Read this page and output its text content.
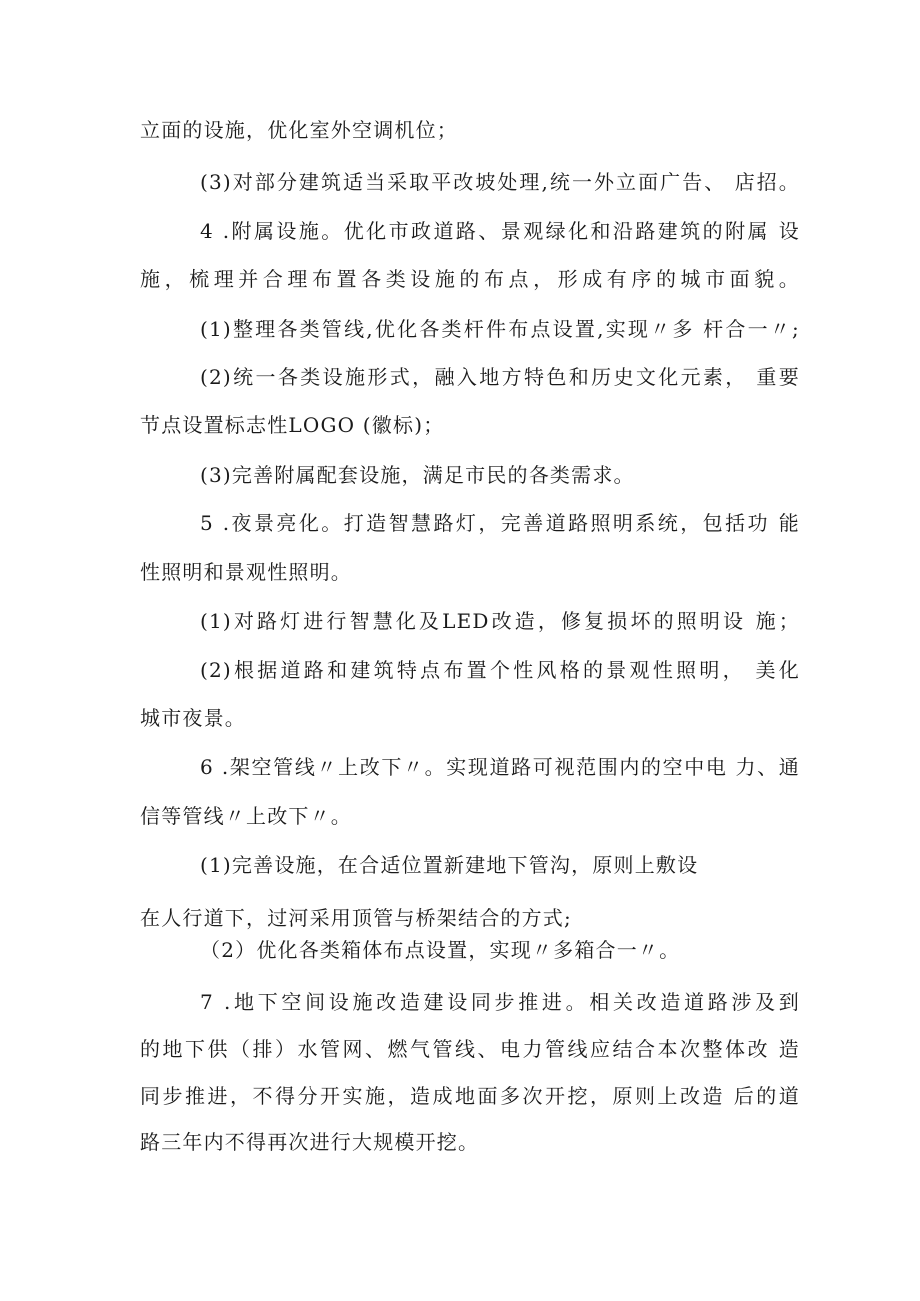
立面的设施，优化室外空调机位；
(3)对部分建筑适当采取平改坡处理,统一外立面广告、 店招。
4 .附属设施。优化市政道路、景观绿化和沿路建筑的附属 设
施，梳理并合理布置各类设施的布点，形成有序的城市面貌。
(1)整理各类管线,优化各类杆件布点设置,实现〃多 杆合一〃;
(2)统一各类设施形式，融入地方特色和历史文化元素， 重要
节点设置标志性LOGO (徽标)；
(3)完善附属配套设施，满足市民的各类需求。
5 .夜景亮化。打造智慧路灯，完善道路照明系统，包括功 能
性照明和景观性照明。
(1)对路灯进行智慧化及LED改造，修复损坏的照明设 施；
(2)根据道路和建筑特点布置个性风格的景观性照明， 美化
城市夜景。
6 .架空管线〃上改下〃。实现道路可视范围内的空中电 力、通
信等管线〃上改下〃。
(1)完善设施，在合适位置新建地下管沟，原则上敷设
在人行道下，过河采用顶管与桥架结合的方式;
（2）优化各类箱体布点设置，实现〃多箱合一〃。
7 .地下空间设施改造建设同步推进。相关改造道路涉及到
的地下供（排）水管网、燃气管线、电力管线应结合本次整体改 造
同步推进，不得分开实施，造成地面多次开挖，原则上改造 后的道
路三年内不得再次进行大规模开挖。
